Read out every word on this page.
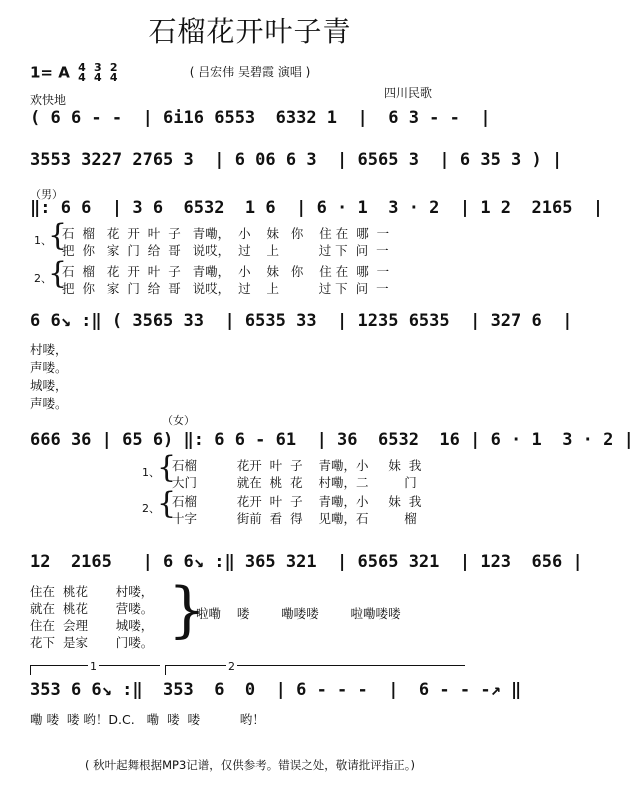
石榴花开叶子青
( 吕宏伟 吴碧霞 演唱 )
1= A 4
4

3
4

2
4
欢快地	四川民歌
( 6 6 - -  | 6i16 6553  6332 1  |  6 3 - -  |
3553 3227 2765 3  | 6 06 6 3  | 6565 3  | 6 35 3 ) |
（男）
‖: 6 6  | 3 6  6532  1 6  | 6 · 1  3 · 2  | 1 2  2165  |
1、
{
石  榴   花  开  叶  子   青嘞，  小    妹   你    住 在  哪  一
把  你   家  门  给  哥   说哎，  过    上          过 下  问  一
2、
{
石  榴   花  开  叶  子   青嘞，  小    妹   你    住 在  哪  一
把  你   家  门  给  哥   说哎，  过    上          过 下  问  一
6 6↘ :‖ ( 3565 33  | 6535 33  | 1235 6535  | 327 6  |
村喽，
声喽。
城喽，
声喽。
（女）
666 36 | 65 6) ‖: 6 6 - 61  | 36  6532  16 | 6 · 1  3 · 2 |
1、
{
石榴          花开  叶  子    青嘞，小     妹  我
大门          就在  桃  花    村嘞，二         门
2、
{
石榴          花开  叶  子    青嘞，小     妹  我
十字          街前  看  得    见嘞，石         榴
12  2165   | 6 6↘ :‖ 365 321  | 6565 321  | 123  656 |
住在  桃花       村喽，
就在  桃花       营喽。
住在  会理       城喽，
花下  是家       门喽。 }
啦嘞    喽        嘞喽喽        啦嘞喽喽
1	2
353 6 6↘ :‖  353  6  0  | 6 - - -  |  6 - - -↗ ‖
嘞 喽  喽 哟！D.C.   嘞  喽  喽          哟！
( 秋叶起舞根据MP3记谱，仅供参考。错误之处，敬请批评指正。)
